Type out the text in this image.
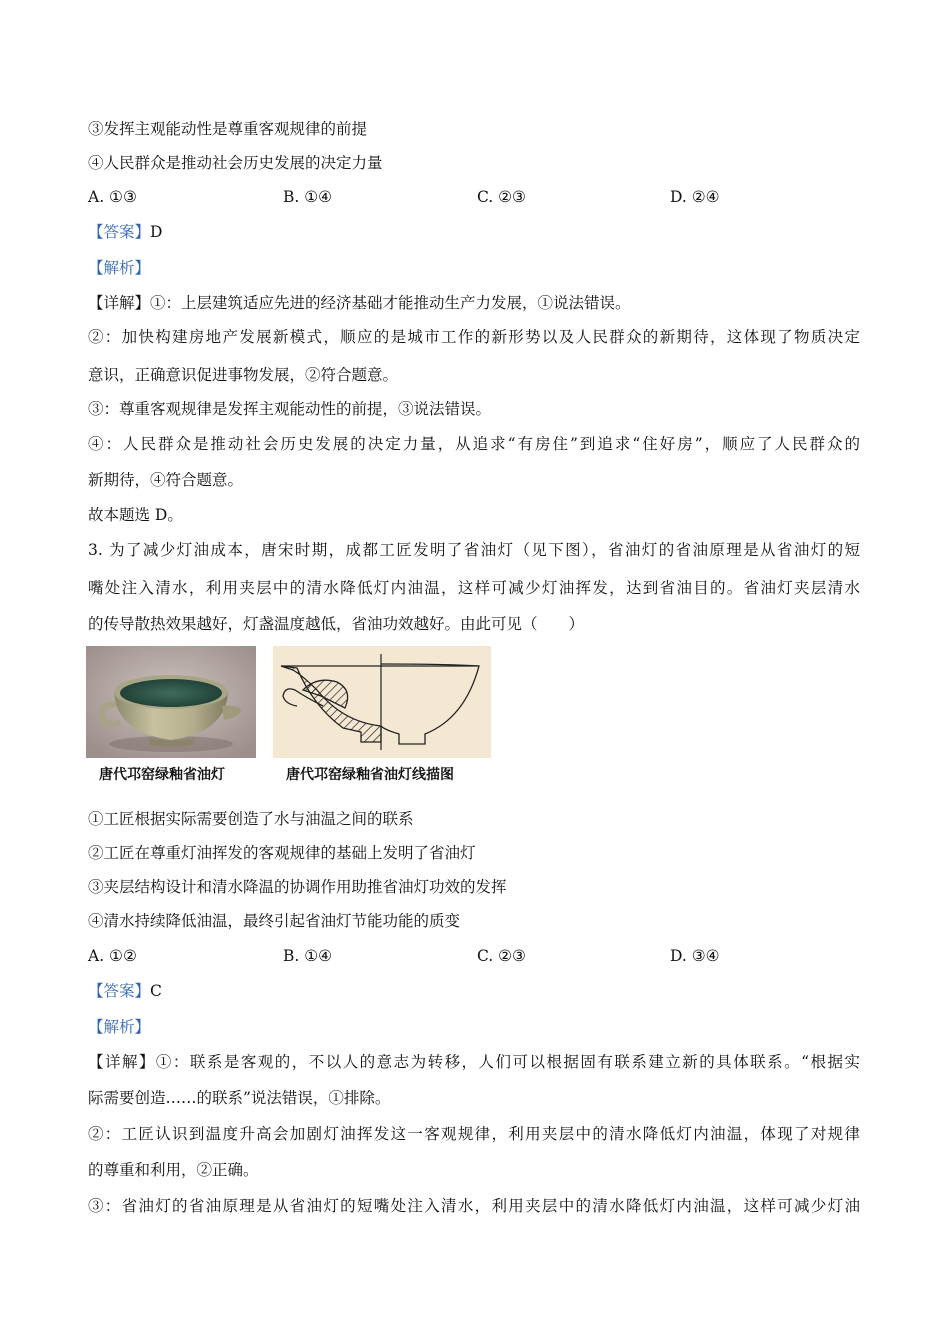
③发挥主观能动性是尊重客观规律的前提
④人民群众是推动社会历史发展的决定力量
A. ①③	B. ①④	C. ②③	D. ②④
【答案】D
【解析】
【详解】①：上层建筑适应先进的经济基础才能推动生产力发展，①说法错误。
②：加快构建房地产发展新模式，顺应的是城市工作的新形势以及人民群众的新期待，这体现了物质决定
意识，正确意识促进事物发展，②符合题意。
③：尊重客观规律是发挥主观能动性的前提，③说法错误。
④：人民群众是推动社会历史发展的决定力量，从追求“有房住”到追求“住好房”，顺应了人民群众的
新期待，④符合题意。
故本题选 D。
3. 为了减少灯油成本，唐宋时期，成都工匠发明了省油灯（见下图），省油灯的省油原理是从省油灯的短
嘴处注入清水，利用夹层中的清水降低灯内油温，这样可减少灯油挥发，达到省油目的。省油灯夹层清水
的传导散热效果越好，灯盏温度越低，省油功效越好。由此可见（　　）
唐代邛窑绿釉省油灯	唐代邛窑绿釉省油灯线描图
①工匠根据实际需要创造了水与油温之间的联系
②工匠在尊重灯油挥发的客观规律的基础上发明了省油灯
③夹层结构设计和清水降温的协调作用助推省油灯功效的发挥
④清水持续降低油温，最终引起省油灯节能功能的质变
A. ①②	B. ①④	C. ②③	D. ③④
【答案】C
【解析】
【详解】①：联系是客观的，不以人的意志为转移，人们可以根据固有联系建立新的具体联系。“根据实
际需要创造……的联系”说法错误，①排除。
②：工匠认识到温度升高会加剧灯油挥发这一客观规律，利用夹层中的清水降低灯内油温，体现了对规律
的尊重和利用，②正确。
③：省油灯的省油原理是从省油灯的短嘴处注入清水，利用夹层中的清水降低灯内油温，这样可减少灯油
